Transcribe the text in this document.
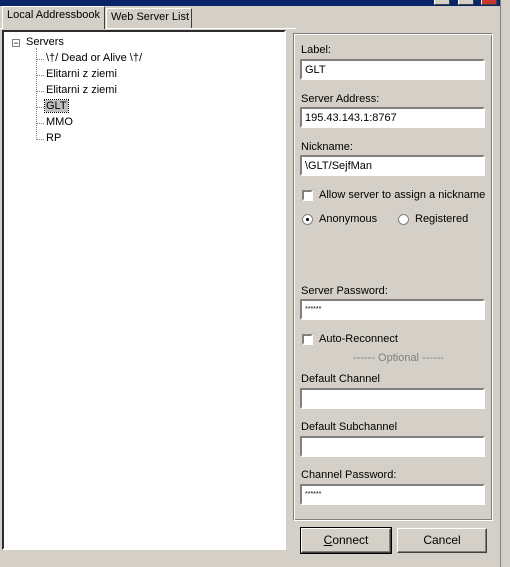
Local Addressbook	Web Server List
− Servers
\†/ Dead or Alive \†/
Elitarni z ziemi
Elitarni z ziemi
GLT
MMO
RP
Label:
GLT
Server Address:
195.43.143.1:8767
Nickname:
\GLT/SejfMan
Allow server to assign a nickname
Anonymous	Registered
Server Password:
******
Auto-Reconnect
------ Optional ------
Default Channel
Default Subchannel
Channel Password:
******
Connect	Cancel
